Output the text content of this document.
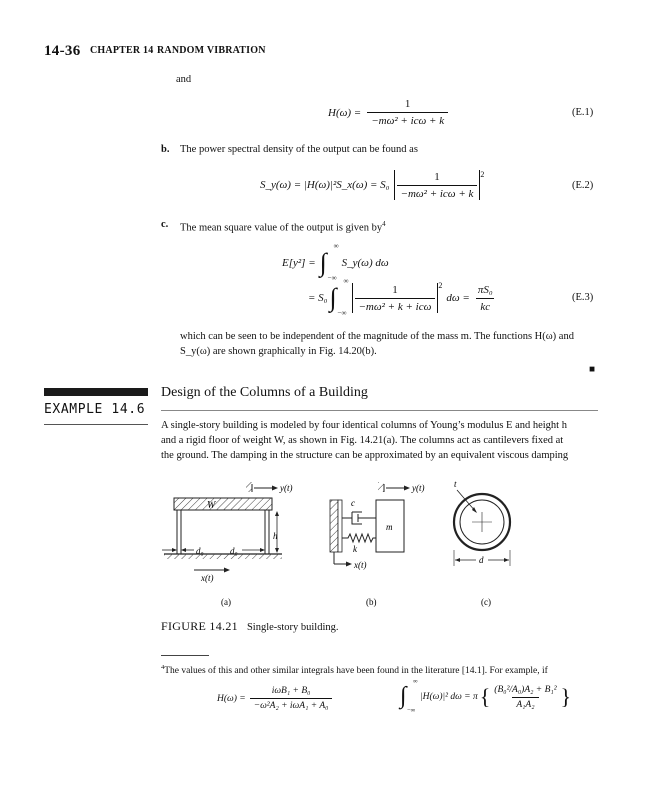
14-36 CHAPTER 14 RANDOM VIBRATION
and
$H(\omega) = \frac{1}{\text{−mω² + icω + k}}$	(E.1)
b. The power spectral density of the output can be found as
S_y(ω) = |H(ω)|²S_x(ω) = $S_0 \frac{1}{\text{−mω² + icω + k}} ^2$
(E.2)
c. The mean square value of the output is given $by^4$
E[y²] = ∫
∞
−∞
S_y(ω) dω
= S₀ ∫
∞
−∞
$\frac{1}{\text{−mω² + k + icω}} ^2$
$d\omega = \frac{\text{πS₀}}{kc}$	(E.3)
which can be seen to be independent of the magnitude of the mass m. The functions H(ω) and
S_y(ω) are shown graphically in Fig. 14.20(b).
■
EXAMPLE 14.6
Design of the Columns of a Building
A single-story building is modeled by four identical columns of Young’s modulus E and height h
and a rigid floor of weight W, as shown in Fig. 14.21(a). The columns act as cantilevers fixed at
the ground. The damping in the structure can be approximated by an equivalent viscous damping
W
y(t)
h
d₀	d₀
x(t)
(a)
y(t)
c
k
m
x(t)
(b)
t
d
(c)
FIGURE 14.21 Single-story building.
$^4$The values of this and other similar integrals have been found in the literature [14.1]. For example, if
$H(\omega) = \frac{\text{iωB₁ + B₀}}{\text{−ω²A₂ + iωA₁ + A₀}}$	∫
∞
−∞
|H(ω)|² dω = π { $\frac{\text{(B₀²/A₀)A₂ + B₁²}}{\text{A₁A₂}}$ }
